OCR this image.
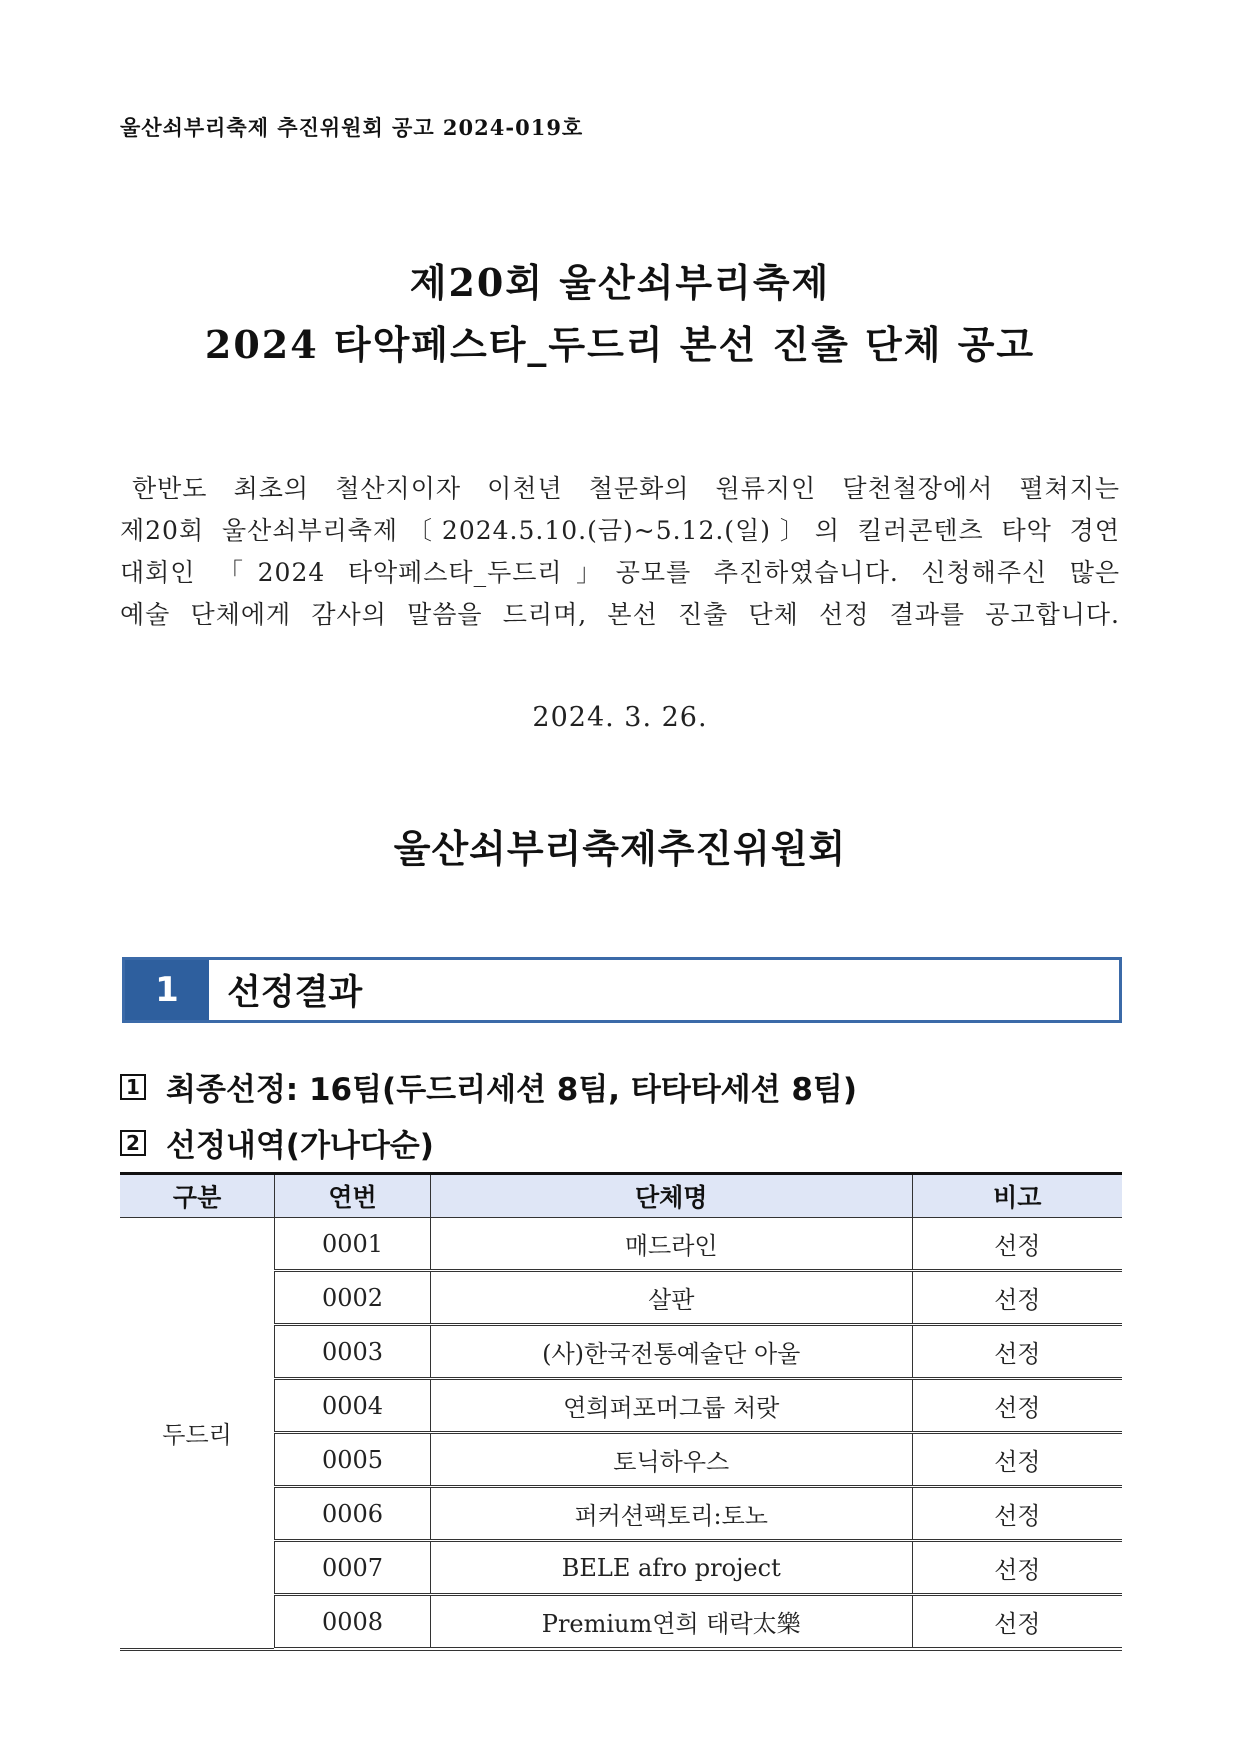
울산쇠부리축제 추진위원회 공고 2024-019호
제20회 울산쇠부리축제
2024 타악페스타_두드리 본선 진출 단체 공고
한반도 최초의 철산지이자 이천년 철문화의 원류지인 달천철장에서 펼쳐지는
제20회 울산쇠부리축제〔2024.5.10.(금)~5.12.(일)〕의 킬러콘텐츠 타악 경연
대회인 「2024 타악페스타_두드리」공모를 추진하였습니다. 신청해주신 많은
예술 단체에게 감사의 말씀을 드리며, 본선 진출 단체 선정 결과를 공고합니다.
2024. 3. 26.
울산쇠부리축제추진위원회
1	선정결과
1 최종선정: 16팀(두드리세션 8팀, 타타타세션 8팀)
2 선정내역(가나다순)
구분	연번	단체명	비고
두드리	0001	매드라인	선정
	0002	살판	선정
	0003	(사)한국전통예술단 아울	선정
	0004	연희퍼포머그룹 처랏	선정
	0005	토닉하우스	선정
	0006	퍼커션팩토리:토노	선정
	0007	BELE afro project	선정
	0008	Premium연희 태락太樂	선정
